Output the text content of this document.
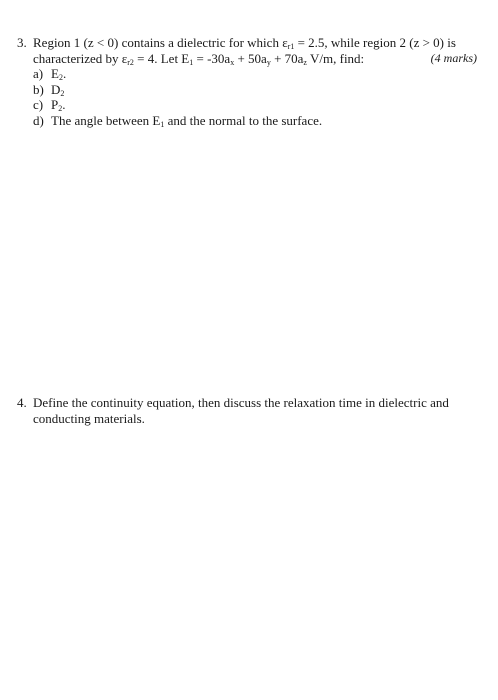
3. Region 1 (z < 0) contains a dielectric for which $\varepsilon_{r1} = 2.5$, while region 2 (z > 0) is
characterized by $\varepsilon_{r2} = 4$. Let $E_1 = -30a_x + 50a_y + 70a_z$ V/m, find:	(4 marks)
a) $E_2$.
b) $D_2$
c) $P_2$.
d) The angle between $E_1$ and the normal to the surface.
4. Define the continuity equation, then discuss the relaxation time in dielectric and
conducting materials.
